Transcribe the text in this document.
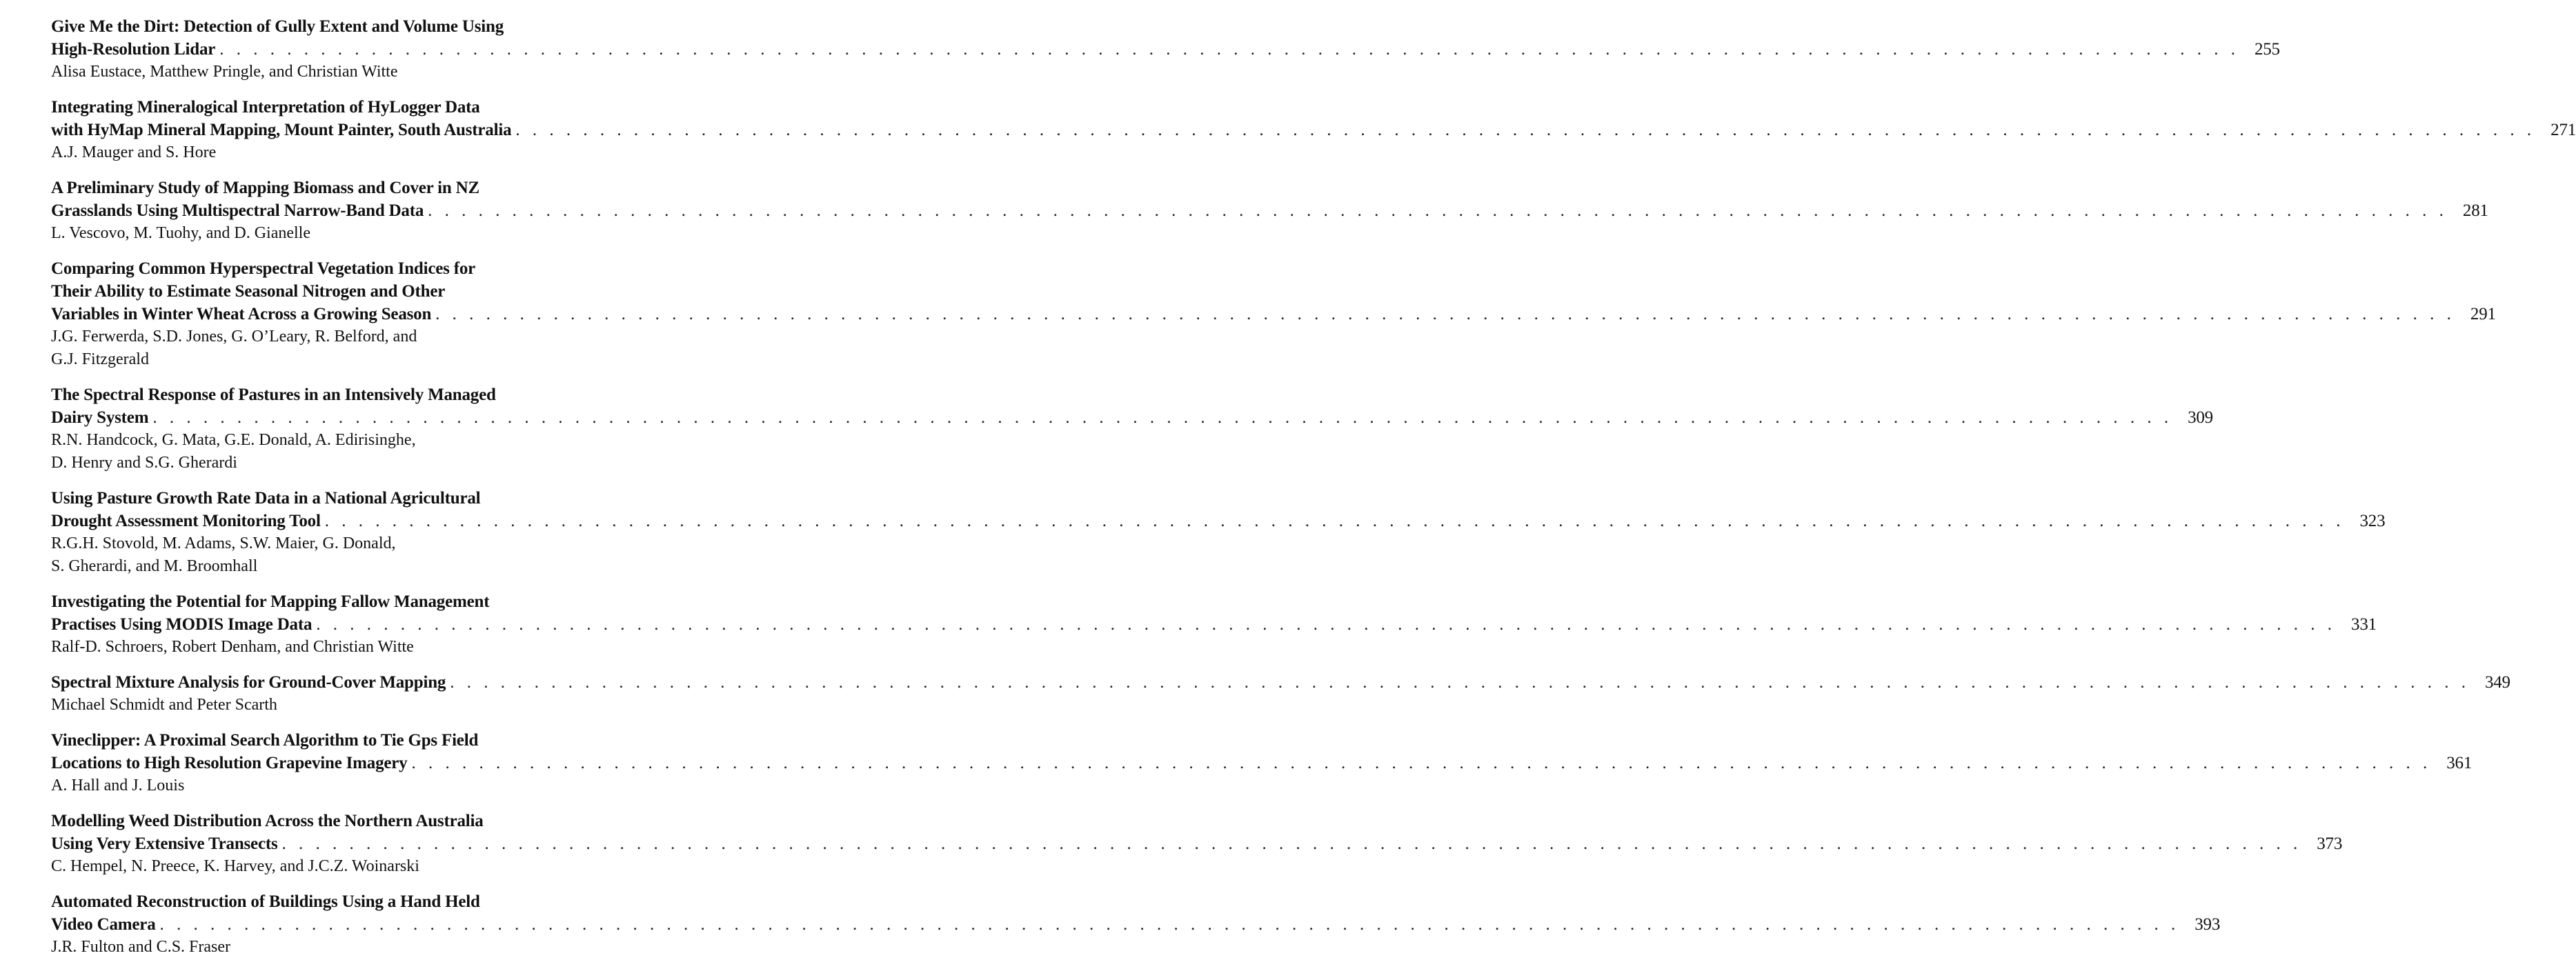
Give Me the Dirt: Detection of Gully Extent and Volume Using
High-Resolution Lidar . . . . . . . . . . . . . . . . . . . . . . . . . . . . . . . . . . . . . . . . . . . . . . . . . . . . . . . . . . . . . . . . . . . . . . . . . . . . . . . . . . . . . . . . . . . . . . . . . . . . . . . . . . . . . . . . . . . . . . . . 255
Alisa Eustace, Matthew Pringle, and Christian Witte
Integrating Mineralogical Interpretation of HyLogger Data
with HyMap Mineral Mapping, Mount Painter, South Australia . . . . . . . . . . . . . . . . . . . . . . . . . . . . . . . . . . . . . . . . . . . . . . . . . . . . . . . . . . . . . . . . . . . . . . . . . . . . . . . . . . . . . . . . . . . . . . . . . . . . . . . . . . . . . . . . . . . . . . . . 271
A.J. Mauger and S. Hore
A Preliminary Study of Mapping Biomass and Cover in NZ
Grasslands Using Multispectral Narrow-Band Data . . . . . . . . . . . . . . . . . . . . . . . . . . . . . . . . . . . . . . . . . . . . . . . . . . . . . . . . . . . . . . . . . . . . . . . . . . . . . . . . . . . . . . . . . . . . . . . . . . . . . . . . . . . . . . . . . . . . . . . . 281
L. Vescovo, M. Tuohy, and D. Gianelle
Comparing Common Hyperspectral Vegetation Indices for
Their Ability to Estimate Seasonal Nitrogen and Other
Variables in Winter Wheat Across a Growing Season . . . . . . . . . . . . . . . . . . . . . . . . . . . . . . . . . . . . . . . . . . . . . . . . . . . . . . . . . . . . . . . . . . . . . . . . . . . . . . . . . . . . . . . . . . . . . . . . . . . . . . . . . . . . . . . . . . . . . . . . 291
J.G. Ferwerda, S.D. Jones, G. O’Leary, R. Belford, and
G.J. Fitzgerald
The Spectral Response of Pastures in an Intensively Managed
Dairy System . . . . . . . . . . . . . . . . . . . . . . . . . . . . . . . . . . . . . . . . . . . . . . . . . . . . . . . . . . . . . . . . . . . . . . . . . . . . . . . . . . . . . . . . . . . . . . . . . . . . . . . . . . . . . . . . . . . . . . . . 309
R.N. Handcock, G. Mata, G.E. Donald, A. Edirisinghe,
D. Henry and S.G. Gherardi
Using Pasture Growth Rate Data in a National Agricultural
Drought Assessment Monitoring Tool . . . . . . . . . . . . . . . . . . . . . . . . . . . . . . . . . . . . . . . . . . . . . . . . . . . . . . . . . . . . . . . . . . . . . . . . . . . . . . . . . . . . . . . . . . . . . . . . . . . . . . . . . . . . . . . . . . . . . . . . 323
R.G.H. Stovold, M. Adams, S.W. Maier, G. Donald,
S. Gherardi, and M. Broomhall
Investigating the Potential for Mapping Fallow Management
Practises Using MODIS Image Data . . . . . . . . . . . . . . . . . . . . . . . . . . . . . . . . . . . . . . . . . . . . . . . . . . . . . . . . . . . . . . . . . . . . . . . . . . . . . . . . . . . . . . . . . . . . . . . . . . . . . . . . . . . . . . . . . . . . . . . . 331
Ralf-D. Schroers, Robert Denham, and Christian Witte
Spectral Mixture Analysis for Ground-Cover Mapping . . . . . . . . . . . . . . . . . . . . . . . . . . . . . . . . . . . . . . . . . . . . . . . . . . . . . . . . . . . . . . . . . . . . . . . . . . . . . . . . . . . . . . . . . . . . . . . . . . . . . . . . . . . . . . . . . . . . . . . . 349
Michael Schmidt and Peter Scarth
Vineclipper: A Proximal Search Algorithm to Tie Gps Field
Locations to High Resolution Grapevine Imagery . . . . . . . . . . . . . . . . . . . . . . . . . . . . . . . . . . . . . . . . . . . . . . . . . . . . . . . . . . . . . . . . . . . . . . . . . . . . . . . . . . . . . . . . . . . . . . . . . . . . . . . . . . . . . . . . . . . . . . . . 361
A. Hall and J. Louis
Modelling Weed Distribution Across the Northern Australia
Using Very Extensive Transects . . . . . . . . . . . . . . . . . . . . . . . . . . . . . . . . . . . . . . . . . . . . . . . . . . . . . . . . . . . . . . . . . . . . . . . . . . . . . . . . . . . . . . . . . . . . . . . . . . . . . . . . . . . . . . . . . . . . . . . . 373
C. Hempel, N. Preece, K. Harvey, and J.C.Z. Woinarski
Automated Reconstruction of Buildings Using a Hand Held
Video Camera . . . . . . . . . . . . . . . . . . . . . . . . . . . . . . . . . . . . . . . . . . . . . . . . . . . . . . . . . . . . . . . . . . . . . . . . . . . . . . . . . . . . . . . . . . . . . . . . . . . . . . . . . . . . . . . . . . . . . . . . 393
J.R. Fulton and C.S. Fraser
